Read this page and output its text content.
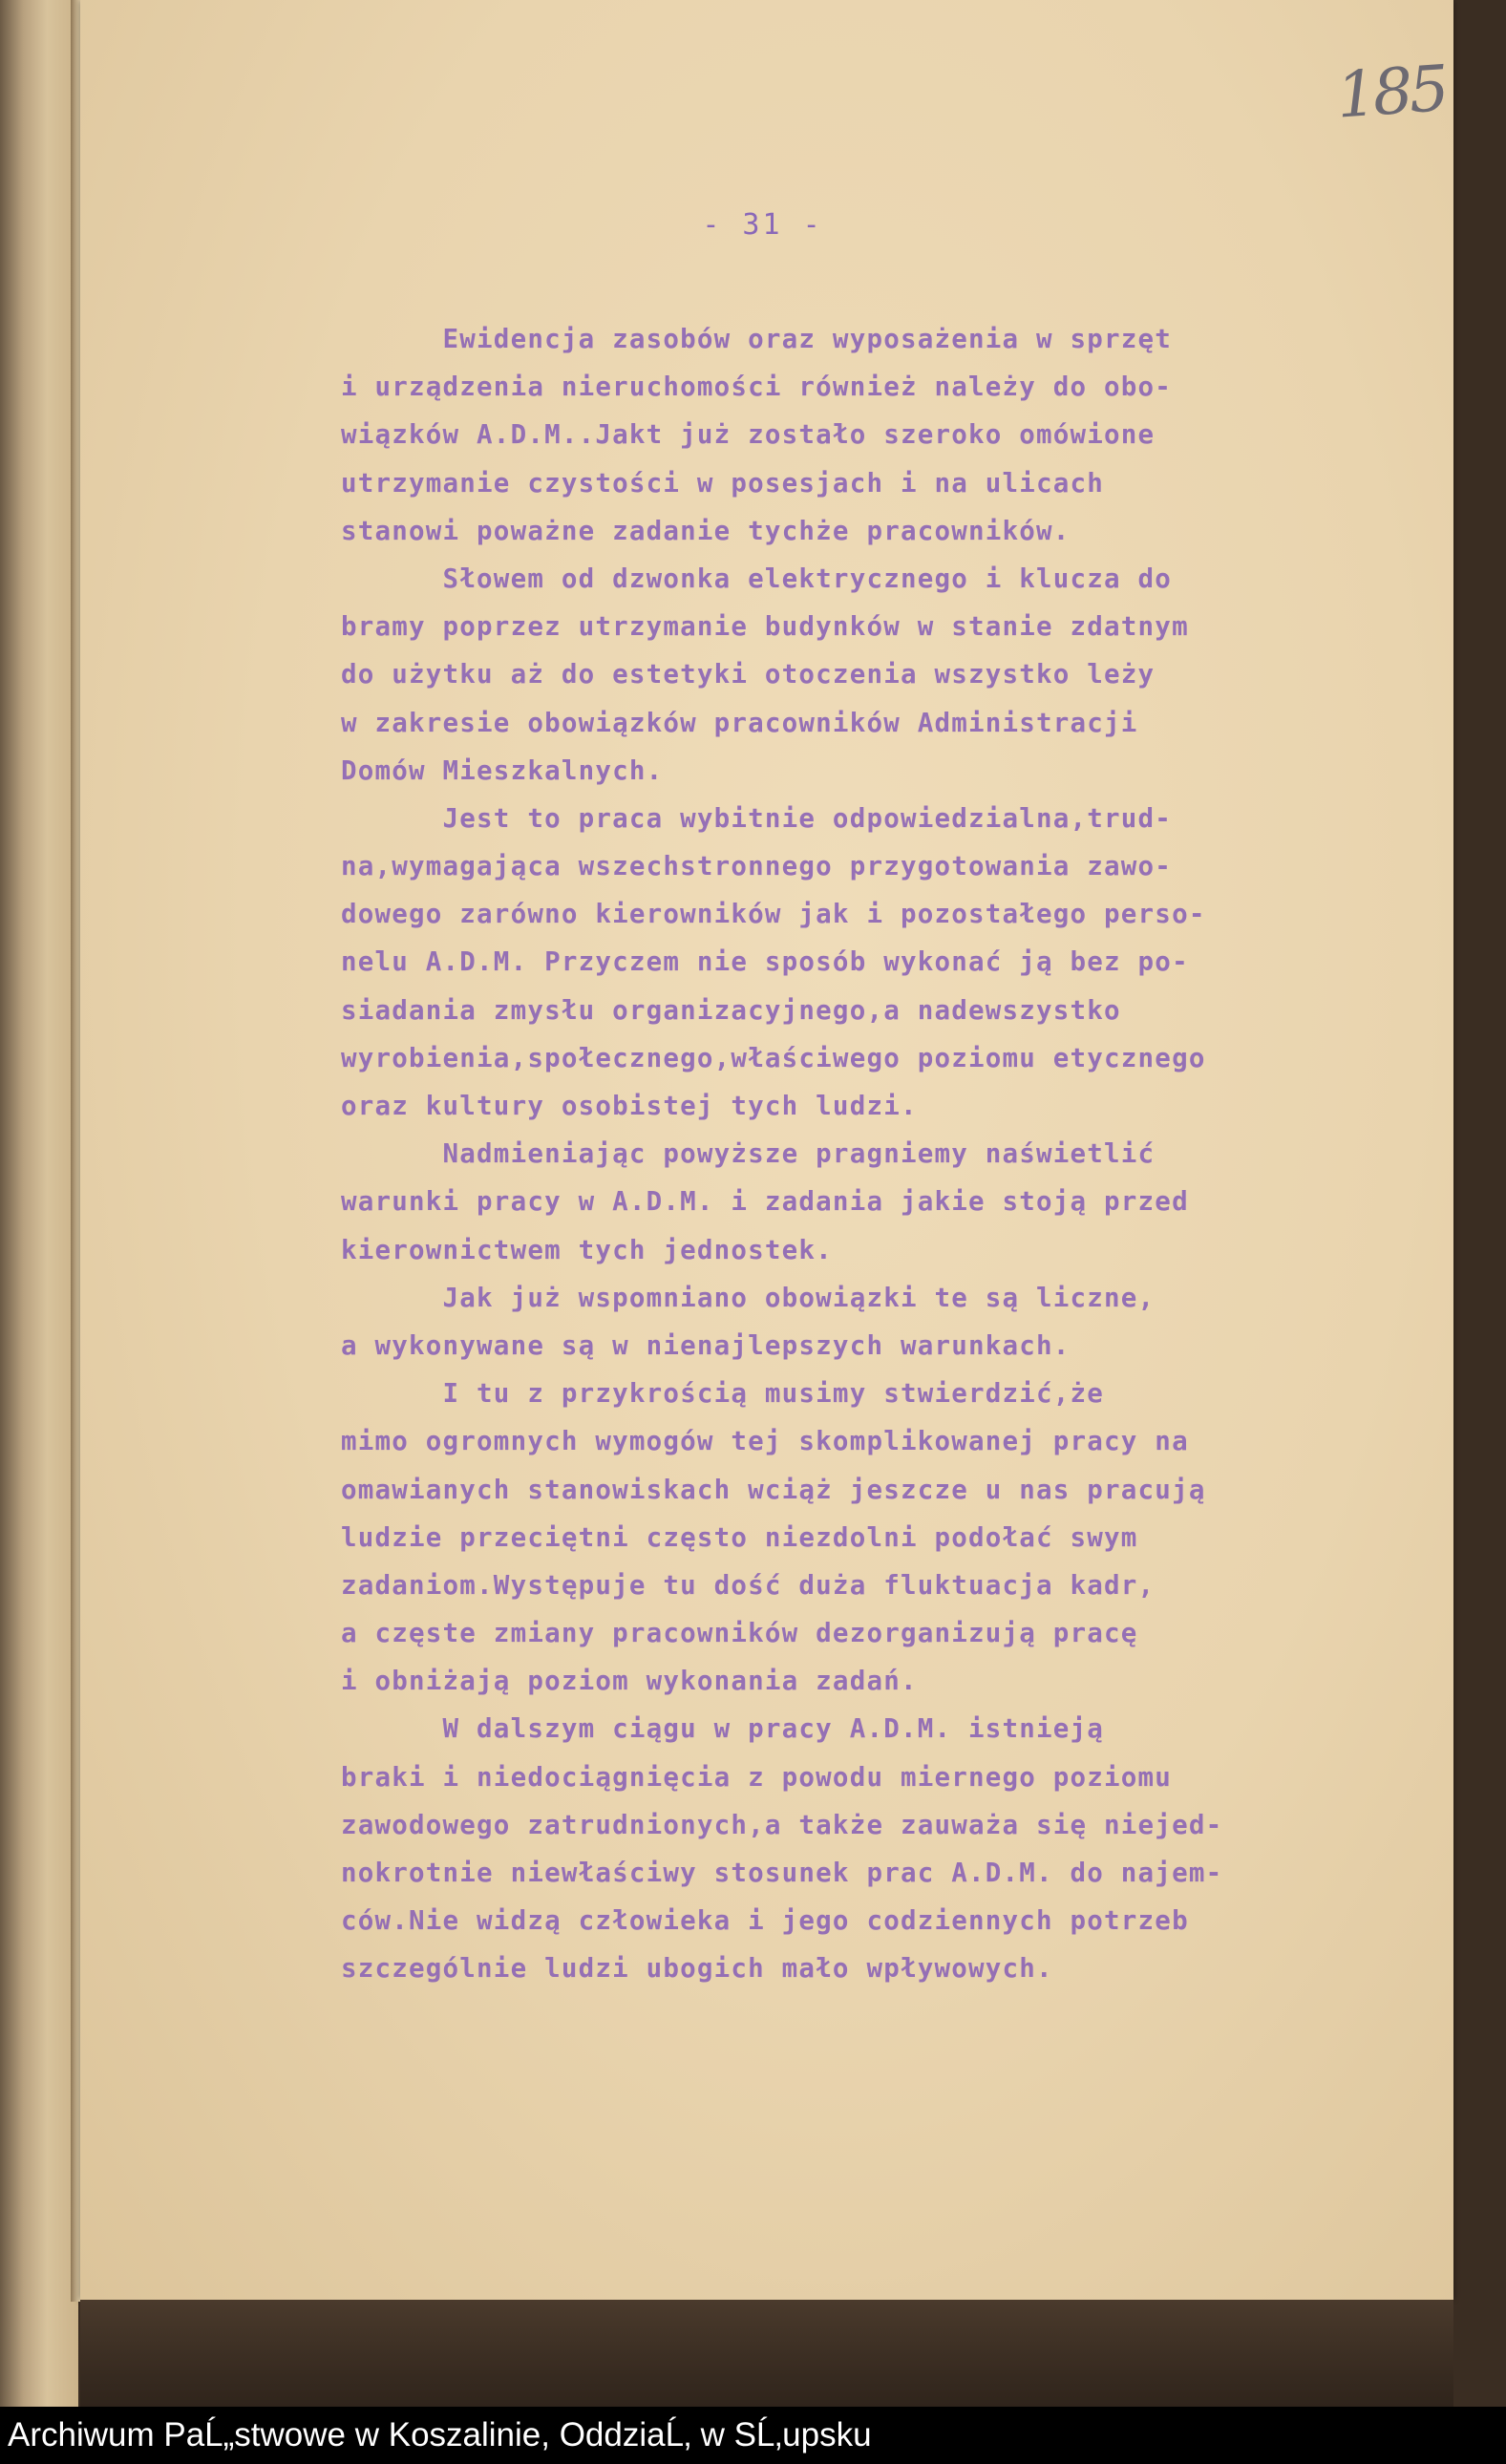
185
- 31 -
Ewidencja zasobów oraz wyposażenia w sprzęt
i urządzenia nieruchomości również należy do obo-
wiązków A.D.M..Jakt już zostało szeroko omówione
utrzymanie czystości w posesjach i na ulicach
stanowi poważne zadanie tychże pracowników.
Słowem od dzwonka elektrycznego i klucza do
bramy poprzez utrzymanie budynków w stanie zdatnym
do użytku aż do estetyki otoczenia wszystko leży
w zakresie obowiązków pracowników Administracji
Domów Mieszkalnych.
Jest to praca wybitnie odpowiedzialna,trud-
na,wymagająca wszechstronnego przygotowania zawo-
dowego zarówno kierowników jak i pozostałego perso-
nelu A.D.M. Przyczem nie sposób wykonać ją bez po-
siadania zmysłu organizacyjnego,a nadewszystko
wyrobienia,społecznego,właściwego poziomu etycznego
oraz kultury osobistej tych ludzi.
Nadmieniając powyższe pragniemy naświetlić
warunki pracy w A.D.M. i zadania jakie stoją przed
kierownictwem tych jednostek.
Jak już wspomniano obowiązki te są liczne,
a wykonywane są w nienajlepszych warunkach.
I tu z przykrością musimy stwierdzić,że
mimo ogromnych wymogów tej skomplikowanej pracy na
omawianych stanowiskach wciąż jeszcze u nas pracują
ludzie przeciętni często niezdolni podołać swym
zadaniom.Występuje tu dość duża fluktuacja kadr,
a częste zmiany pracowników dezorganizują pracę
i obniżają poziom wykonania zadań.
W dalszym ciągu w pracy A.D.M. istnieją
braki i niedociągnięcia z powodu miernego poziomu
zawodowego zatrudnionych,a także zauważa się niejed-
nokrotnie niewłaściwy stosunek prac A.D.M. do najem-
ców.Nie widzą człowieka i jego codziennych potrzeb
szczególnie ludzi ubogich mało wpływowych.
Archiwum PaĹ„stwowe w Koszalinie, OddziaĹ‚ w SĹ‚upsku
